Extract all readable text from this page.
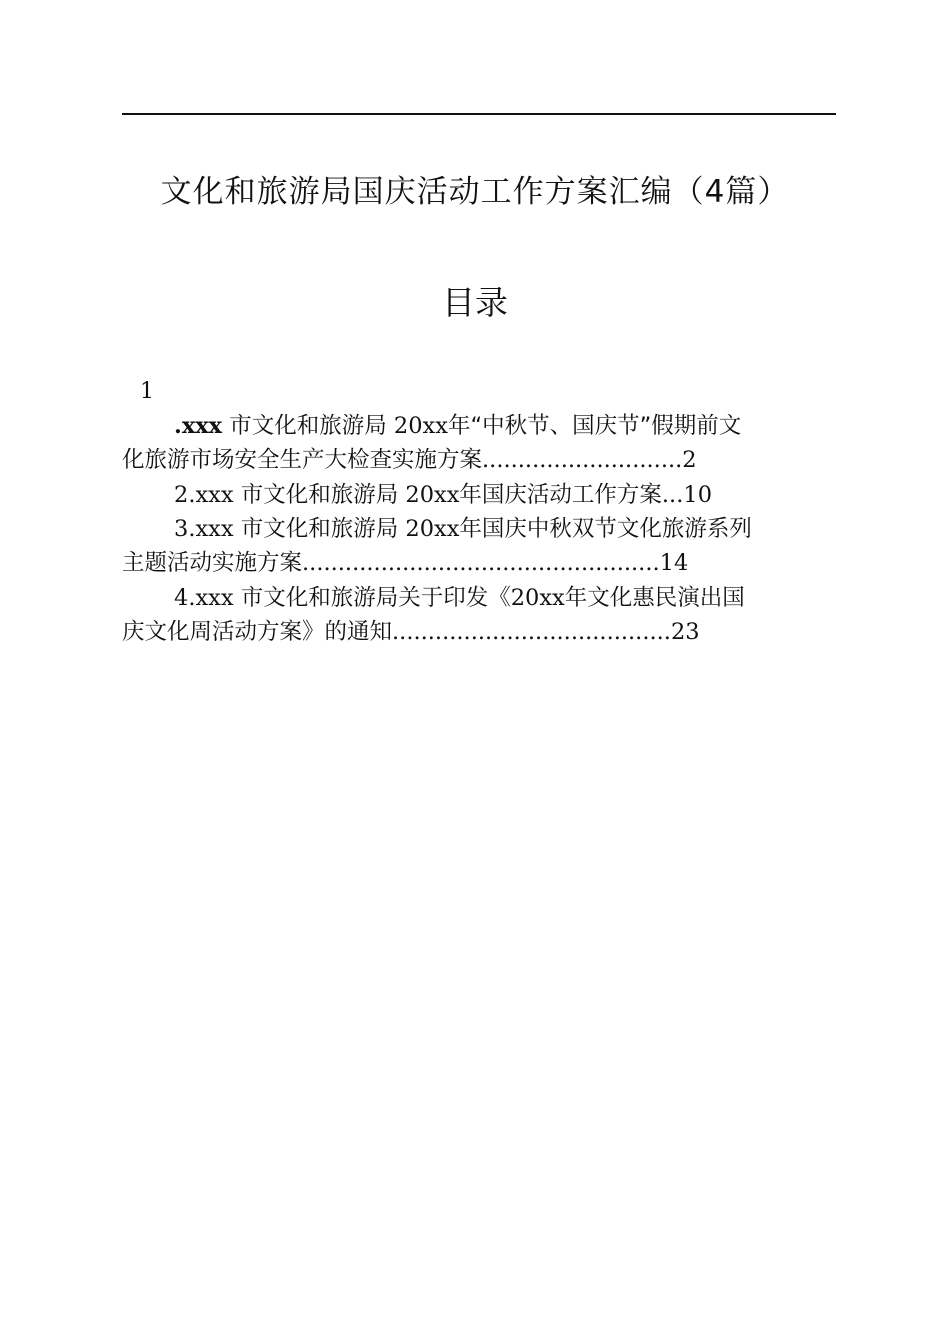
文化和旅游局国庆活动工作方案汇编（4篇）
目录
1
.xxx 市文化和旅游局 20xx年“中秋节、国庆节”假期前文
化旅游市场安全生产大检查实施方案............................2
2.xxx 市文化和旅游局 20xx年国庆活动工作方案...10
3.xxx 市文化和旅游局 20xx年国庆中秋双节文化旅游系列
主题活动实施方案..................................................14
4.xxx 市文化和旅游局关于印发《20xx年文化惠民演出国
庆文化周活动方案》的通知.......................................23
